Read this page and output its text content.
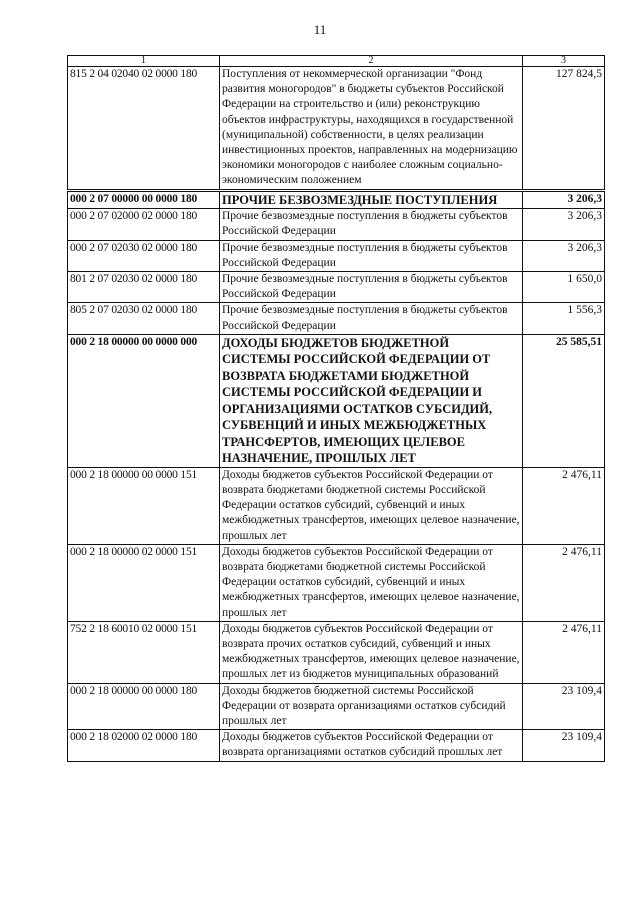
11
1	2	3
815 2 04 02040 02 0000 180	Поступления от некоммерческой организации "Фонд развития моногородов" в бюджеты субъектов Российской Федерации на строительство и (или) реконструкцию объектов инфраструктуры, находящихся в государственной (муниципальной) собственности, в целях реализации инвестиционных проектов, направленных на модернизацию экономики моногородов с наиболее сложным социально-экономическим положением	127 824,5
000 2 07 00000 00 0000 180	ПРОЧИЕ БЕЗВОЗМЕЗДНЫЕ ПОСТУПЛЕНИЯ	3 206,3
000 2 07 02000 02 0000 180	Прочие безвозмездные поступления в бюджеты субъектов Российской Федерации	3 206,3
000 2 07 02030 02 0000 180	Прочие безвозмездные поступления в бюджеты субъектов Российской Федерации	3 206,3
801 2 07 02030 02 0000 180	Прочие безвозмездные поступления в бюджеты субъектов Российской Федерации	1 650,0
805 2 07 02030 02 0000 180	Прочие безвозмездные поступления в бюджеты субъектов Российской Федерации	1 556,3
000 2 18 00000 00 0000 000	ДОХОДЫ БЮДЖЕТОВ БЮДЖЕТНОЙ СИСТЕМЫ РОССИЙСКОЙ ФЕДЕРАЦИИ ОТ ВОЗВРАТА БЮДЖЕТАМИ БЮДЖЕТНОЙ СИСТЕМЫ РОССИЙСКОЙ ФЕДЕРАЦИИ И ОРГАНИЗАЦИЯМИ ОСТАТКОВ СУБСИДИЙ, СУБВЕНЦИЙ И ИНЫХ МЕЖБЮДЖЕТНЫХ ТРАНСФЕРТОВ, ИМЕЮЩИХ ЦЕЛЕВОЕ НАЗНАЧЕНИЕ, ПРОШЛЫХ ЛЕТ	25 585,51
000 2 18 00000 00 0000 151	Доходы бюджетов субъектов Российской Федерации от возврата бюджетами бюджетной системы Российской Федерации остатков субсидий, субвенций и иных межбюджетных трансфертов, имеющих целевое назначение, прошлых лет	2 476,11
000 2 18 00000 02 0000 151	Доходы бюджетов субъектов Российской Федерации от возврата бюджетами бюджетной системы Российской Федерации остатков субсидий, субвенций и иных межбюджетных трансфертов, имеющих целевое назначение, прошлых лет	2 476,11
752 2 18 60010 02 0000 151	Доходы бюджетов субъектов Российской Федерации от возврата прочих остатков субсидий, субвенций и иных межбюджетных трансфертов, имеющих целевое назначение, прошлых лет из бюджетов муниципальных образований	2 476,11
000 2 18 00000 00 0000 180	Доходы бюджетов бюджетной системы Российской Федерации от возврата организациями остатков субсидий прошлых лет	23 109,4
000 2 18 02000 02 0000 180	Доходы бюджетов субъектов Российской Федерации от возврата организациями остатков субсидий прошлых лет	23 109,4
